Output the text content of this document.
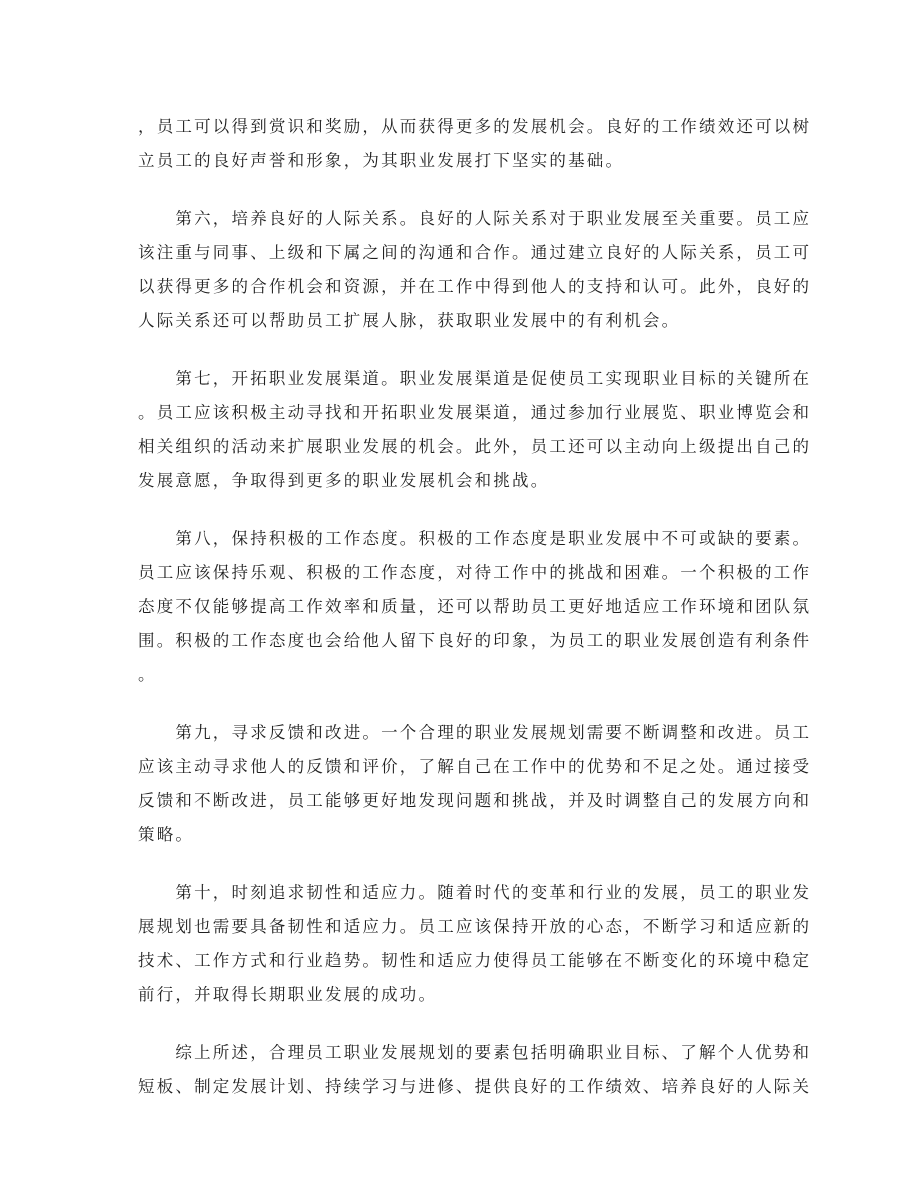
，员工可以得到赏识和奖励，从而获得更多的发展机会。良好的工作绩效还可以树
立员工的良好声誉和形象，为其职业发展打下坚实的基础。

　　第六，培养良好的人际关系。良好的人际关系对于职业发展至关重要。员工应
该注重与同事、上级和下属之间的沟通和合作。通过建立良好的人际关系，员工可
以获得更多的合作机会和资源，并在工作中得到他人的支持和认可。此外，良好的
人际关系还可以帮助员工扩展人脉，获取职业发展中的有利机会。

　　第七，开拓职业发展渠道。职业发展渠道是促使员工实现职业目标的关键所在
。员工应该积极主动寻找和开拓职业发展渠道，通过参加行业展览、职业博览会和
相关组织的活动来扩展职业发展的机会。此外，员工还可以主动向上级提出自己的
发展意愿，争取得到更多的职业发展机会和挑战。

　　第八，保持积极的工作态度。积极的工作态度是职业发展中不可或缺的要素。
员工应该保持乐观、积极的工作态度，对待工作中的挑战和困难。一个积极的工作
态度不仅能够提高工作效率和质量，还可以帮助员工更好地适应工作环境和团队氛
围。积极的工作态度也会给他人留下良好的印象，为员工的职业发展创造有利条件
。

　　第九，寻求反馈和改进。一个合理的职业发展规划需要不断调整和改进。员工
应该主动寻求他人的反馈和评价，了解自己在工作中的优势和不足之处。通过接受
反馈和不断改进，员工能够更好地发现问题和挑战，并及时调整自己的发展方向和
策略。

　　第十，时刻追求韧性和适应力。随着时代的变革和行业的发展，员工的职业发
展规划也需要具备韧性和适应力。员工应该保持开放的心态，不断学习和适应新的
技术、工作方式和行业趋势。韧性和适应力使得员工能够在不断变化的环境中稳定
前行，并取得长期职业发展的成功。

　　综上所述，合理员工职业发展规划的要素包括明确职业目标、了解个人优势和
短板、制定发展计划、持续学习与进修、提供良好的工作绩效、培养良好的人际关
